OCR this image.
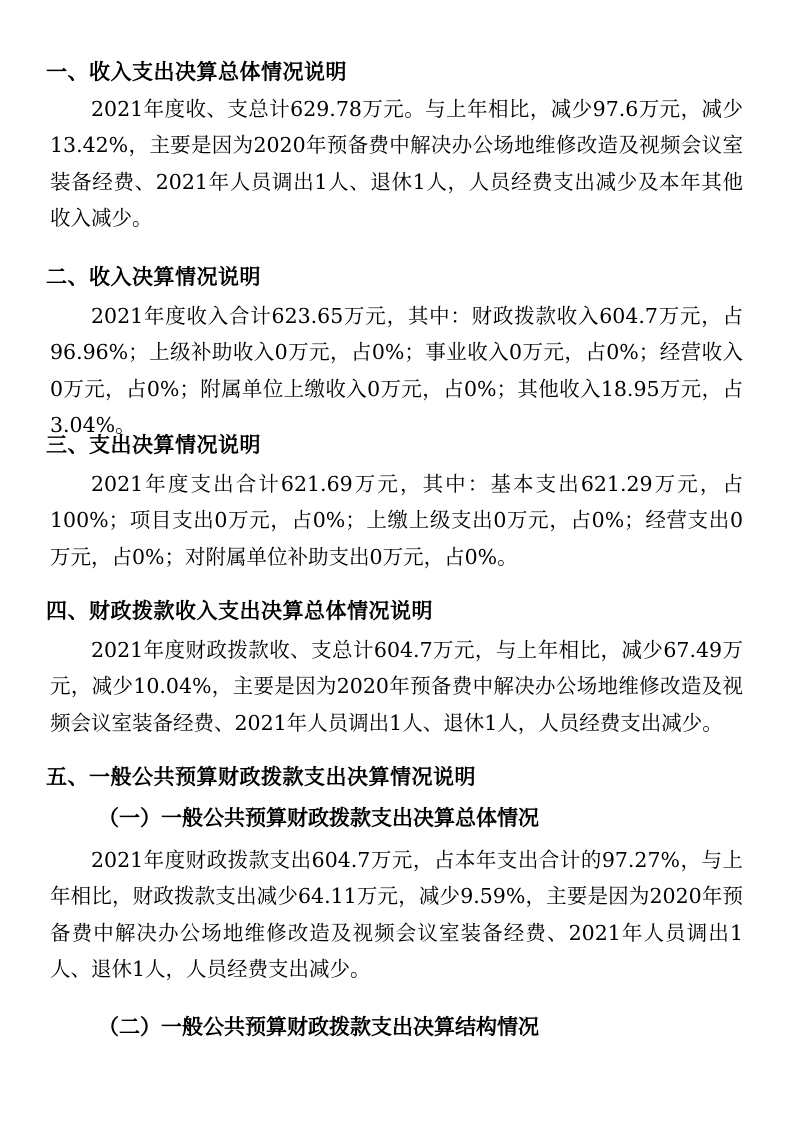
一、收入支出决算总体情况说明

2021年度收、支总计629.78万元。与上年相比，减少97.6万元，减少13.42%，主要是因为2020年预备费中解决办公场地维修改造及视频会议室装备经费、2021年人员调出1人、退休1人，人员经费支出减少及本年其他收入减少。

二、收入决算情况说明

2021年度收入合计623.65万元，其中：财政拨款收入604.7万元，占96.96%；上级补助收入0万元，占0%；事业收入0万元，占0%；经营收入0万元，占0%；附属单位上缴收入0万元，占0%；其他收入18.95万元，占3.04%。

三、支出决算情况说明

2021年度支出合计621.69万元，其中：基本支出621.29万元，占100%；项目支出0万元，占0%；上缴上级支出0万元，占0%；经营支出0万元，占0%；对附属单位补助支出0万元，占0%。

四、财政拨款收入支出决算总体情况说明

2021年度财政拨款收、支总计604.7万元，与上年相比，减少67.49万元，减少10.04%，主要是因为2020年预备费中解决办公场地维修改造及视频会议室装备经费、2021年人员调出1人、退休1人，人员经费支出减少。

五、一般公共预算财政拨款支出决算情况说明
（一）一般公共预算财政拨款支出决算总体情况

2021年度财政拨款支出604.7万元，占本年支出合计的97.27%，与上年相比，财政拨款支出减少64.11万元，减少9.59%，主要是因为2020年预备费中解决办公场地维修改造及视频会议室装备经费、2021年人员调出1人、退休1人，人员经费支出减少。

（二）一般公共预算财政拨款支出决算结构情况
